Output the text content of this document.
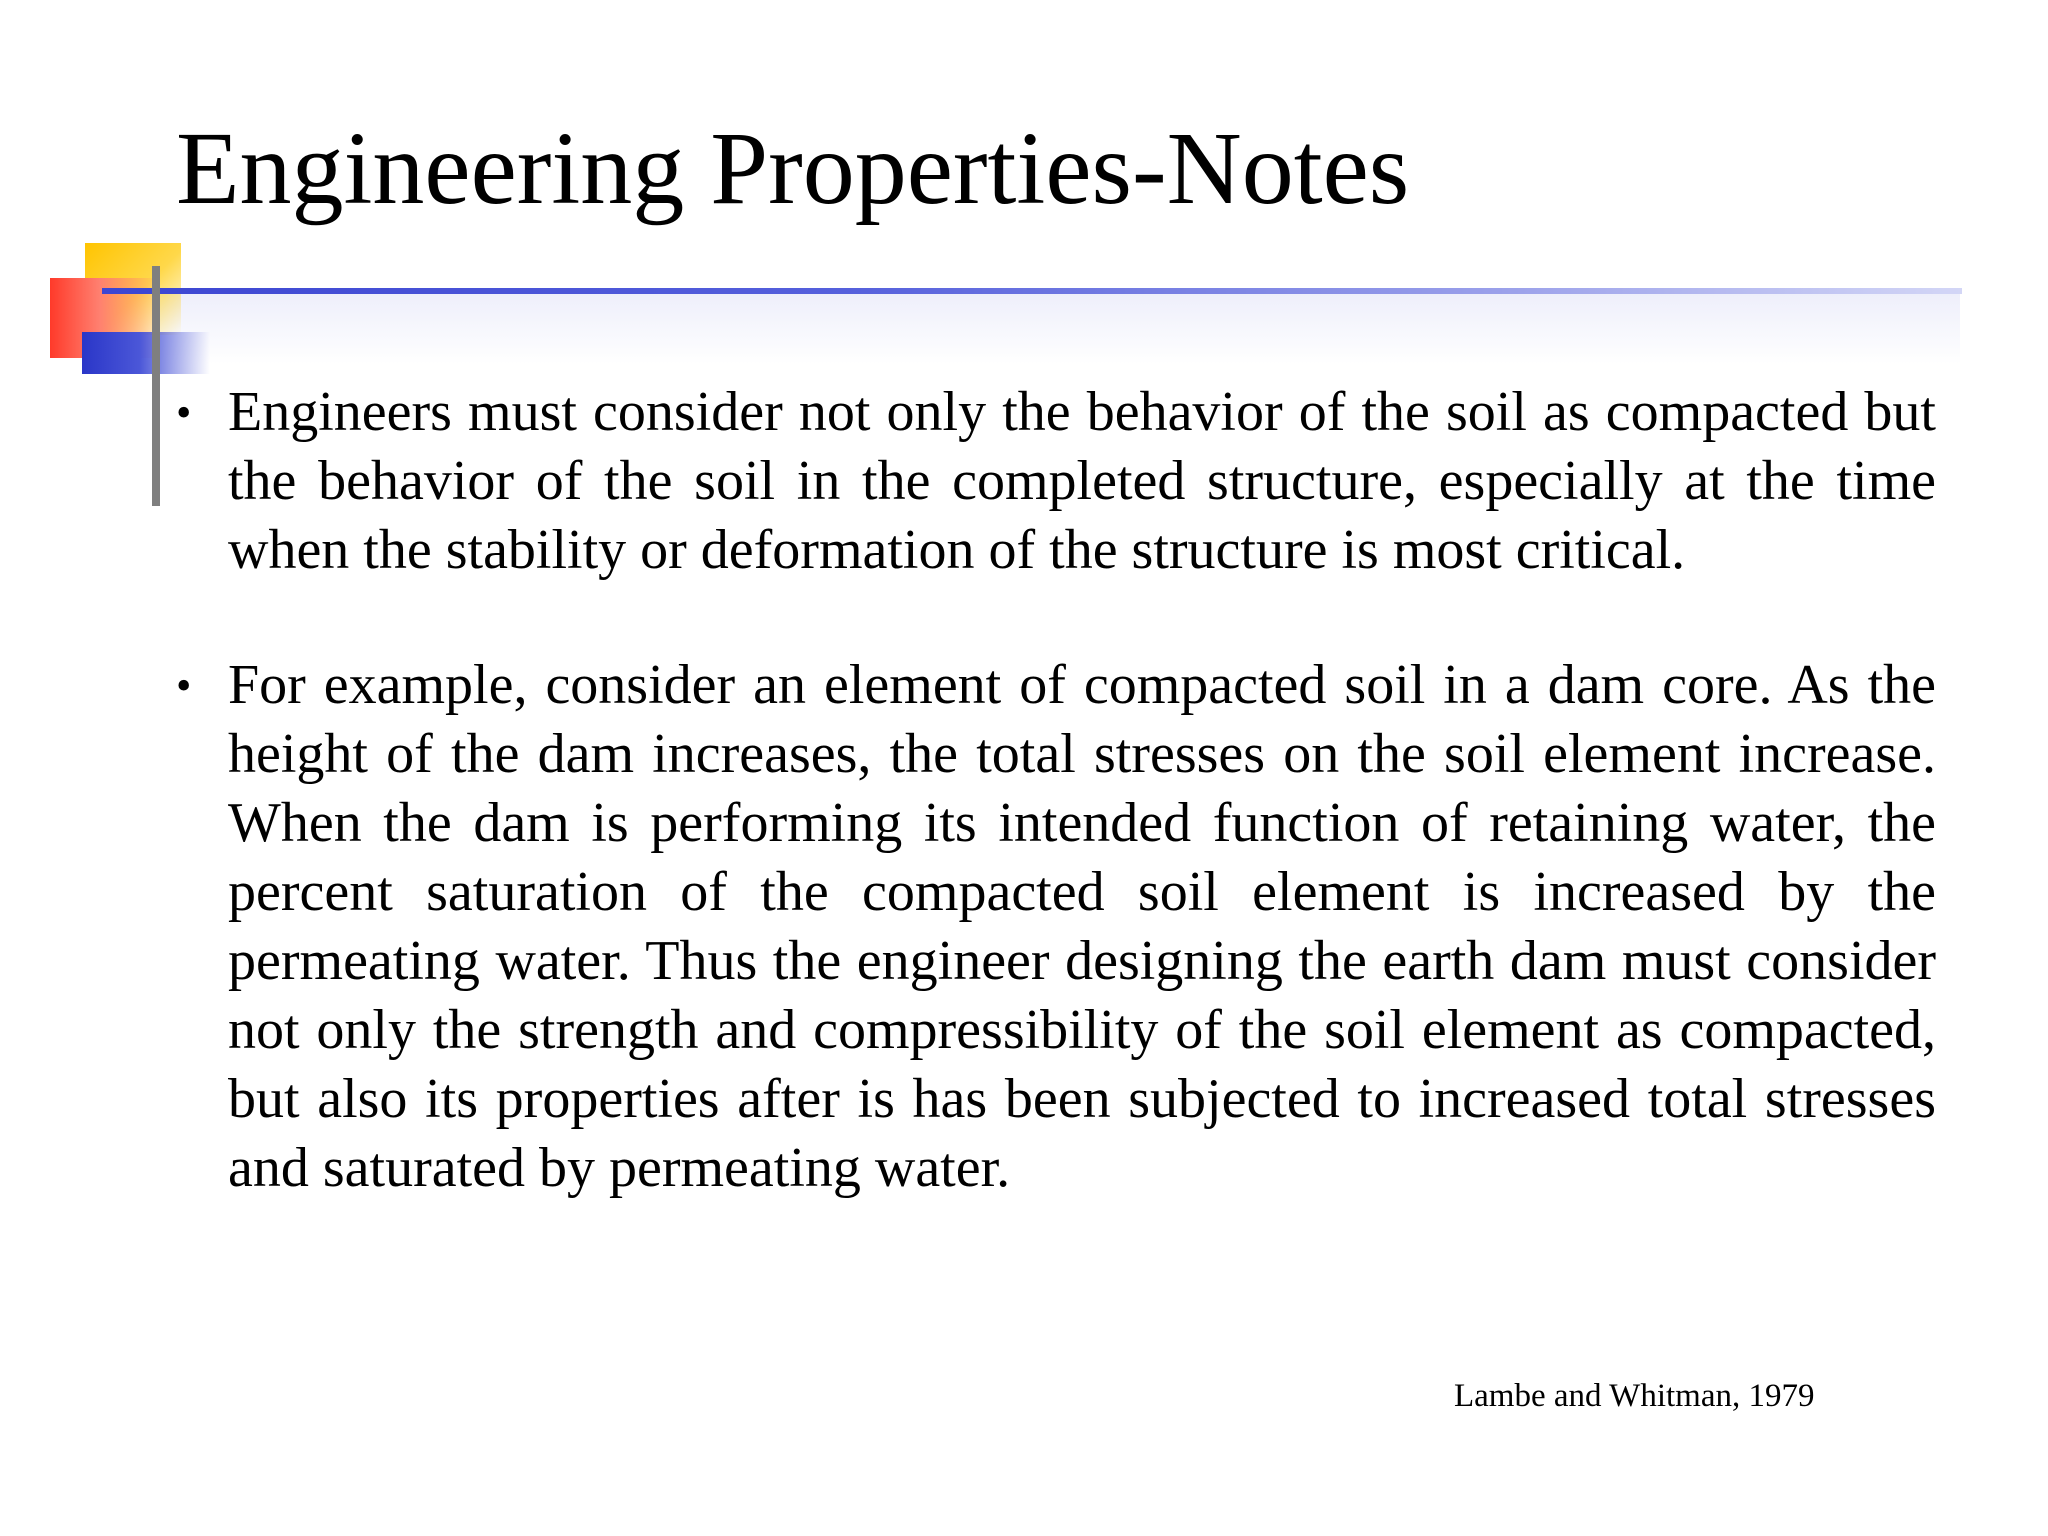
Engineering Properties-Notes
• Engineers must consider not only the behavior of the soil as compacted but the behavior of the soil in the completed structure, especially at the time when the stability or deformation of the structure is most critical.
• For example, consider an element of compacted soil in a dam core. As the height of the dam increases, the total stresses on the soil element increase. When the dam is performing its intended function of retaining water, the percent saturation of the compacted soil element is increased by the permeating water. Thus the engineer designing the earth dam must consider not only the strength and compressibility of the soil element as compacted, but also its properties after is has been subjected to increased total stresses and saturated by permeating water.
Lambe and Whitman, 1979
